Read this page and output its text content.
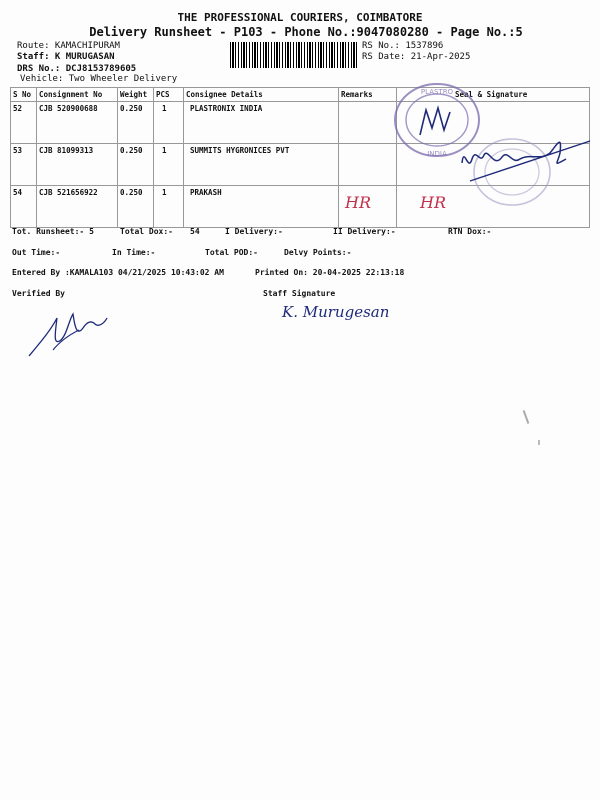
THE PROFESSIONAL COURIERS, COIMBATORE
Delivery Runsheet - P103 - Phone No.:9047080280 - Page No.:5
Route: KAMACHIPURAM
Staff: K MURUGASAN
DRS No.: DCJ8153789605
Vehicle: Two Wheeler Delivery
RS No.: 1537896
RS Date: 21-Apr-2025
S No	Consignment No	Weight	PCS	Consignee Details	Remarks	Seal & Signature
52	CJB 520900688	0.250	1	PLASTRONIX INDIA		
53	CJB 81099313	0.250	1	SUMMITS HYGRONICES PVT		
54	CJB 521656922	0.250	1	PRAKASH		
HR	HR
PLASTRO
INDIA
Tot. Runsheet:- 5	Total Dox:- 54	I Delivery:-	II Delivery:-	RTN Dox:-
Out Time:-	In Time:-	Total POD:-	Delvy Points:-
Entered By :KAMALA103 04/21/2025 10:43:02 AM	Printed On: 20-04-2025 22:13:18
Verified By	Staff Signature
K. Murugesan
